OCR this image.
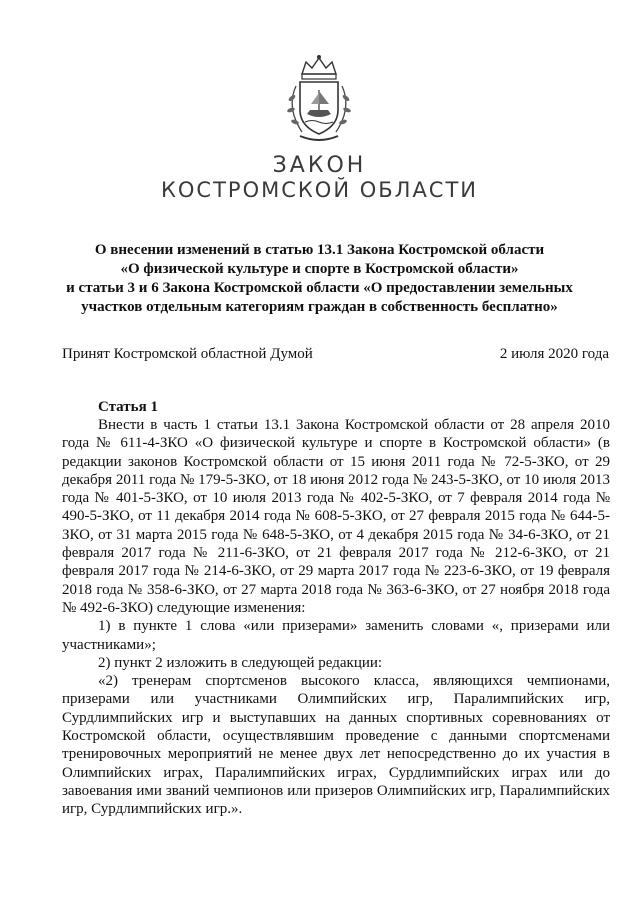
ЗАКОН
КОСТРОМСКОЙ ОБЛАСТИ
О внесении изменений в статью 13.1 Закона Костромской области
«О физической культуре и спорте в Костромской области»
и статьи 3 и 6 Закона Костромской области «О предоставлении земельных
участков отдельным категориям граждан в собственность бесплатно»
Принят Костромской областной Думой	2 июля 2020 года
Статья 1

Внести в часть 1 статьи 13.1 Закона Костромской области от 28 апреля 2010 года № 611-4-ЗКО «О физической культуре и спорте в Костромской области» (в редакции законов Костромской области от 15 июня 2011 года № 72-5-ЗКО, от 29 декабря 2011 года № 179-5-ЗКО, от 18 июня 2012 года № 243-5-ЗКО, от 10 июля 2013 года № 401-5-ЗКО, от 10 июля 2013 года № 402-5-ЗКО, от 7 февраля 2014 года № 490-5-ЗКО, от 11 декабря 2014 года № 608-5-ЗКО, от 27 февраля 2015 года № 644-5-ЗКО, от 31 марта 2015 года № 648-5-ЗКО, от 4 декабря 2015 года № 34-6-ЗКО, от 21 февраля 2017 года № 211-6-ЗКО, от 21 февраля 2017 года № 212-6-ЗКО, от 21 февраля 2017 года № 214-6-ЗКО, от 29 марта 2017 года № 223-6-ЗКО, от 19 февраля 2018 года № 358-6-ЗКО, от 27 марта 2018 года № 363-6-ЗКО, от 27 ноября 2018 года № 492-6-ЗКО) следующие изменения:

1) в пункте 1 слова «или призерами» заменить словами «, призерами или участниками»;

2) пункт 2 изложить в следующей редакции:

«2) тренерам спортсменов высокого класса, являющихся чемпионами, призерами или участниками Олимпийских игр, Паралимпийских игр, Сурдлимпийских игр и выступавших на данных спортивных соревнованиях от Костромской области, осуществлявшим проведение с данными спортсменами тренировочных мероприятий не менее двух лет непосредственно до их участия в Олимпийских играх, Паралимпийских играх, Сурдлимпийских играх или до завоевания ими званий чемпионов или призеров Олимпийских игр, Паралимпийских игр, Сурдлимпийских игр.».
